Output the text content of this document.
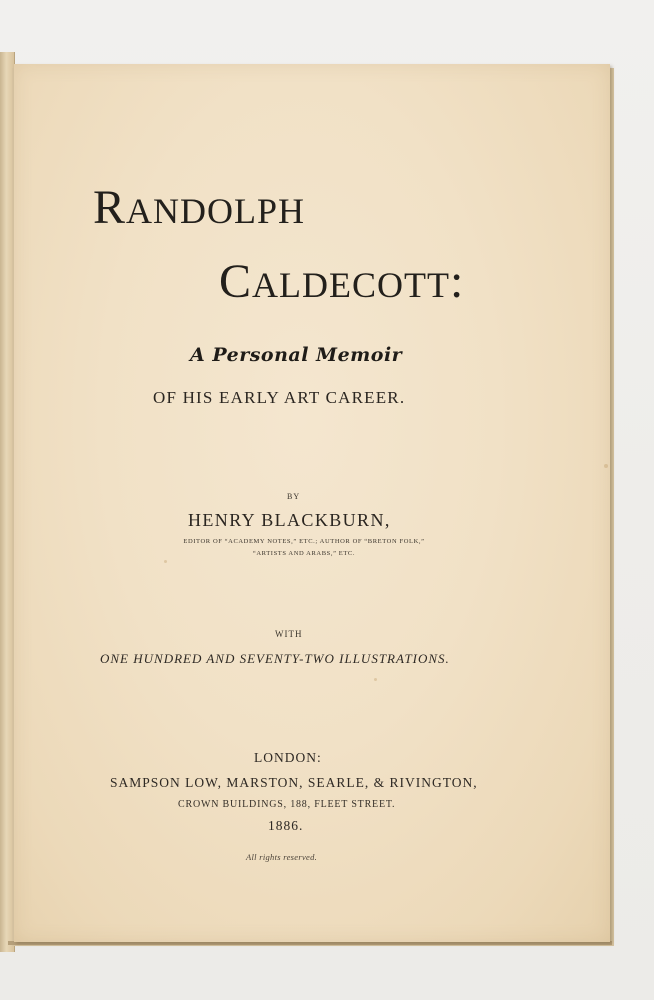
RANDOLPH
CALDECOTT:
A Personal Memoir
OF HIS EARLY ART CAREER.
BY
HENRY BLACKBURN,
EDITOR OF “ACADEMY NOTES,” ETC.; AUTHOR OF “BRETON FOLK,”
“ARTISTS AND ARABS,” ETC.
WITH
ONE HUNDRED AND SEVENTY-TWO ILLUSTRATIONS.
LONDON:
SAMPSON LOW, MARSTON, SEARLE, & RIVINGTON,
CROWN BUILDINGS, 188, FLEET STREET.
1886.
All rights reserved.
